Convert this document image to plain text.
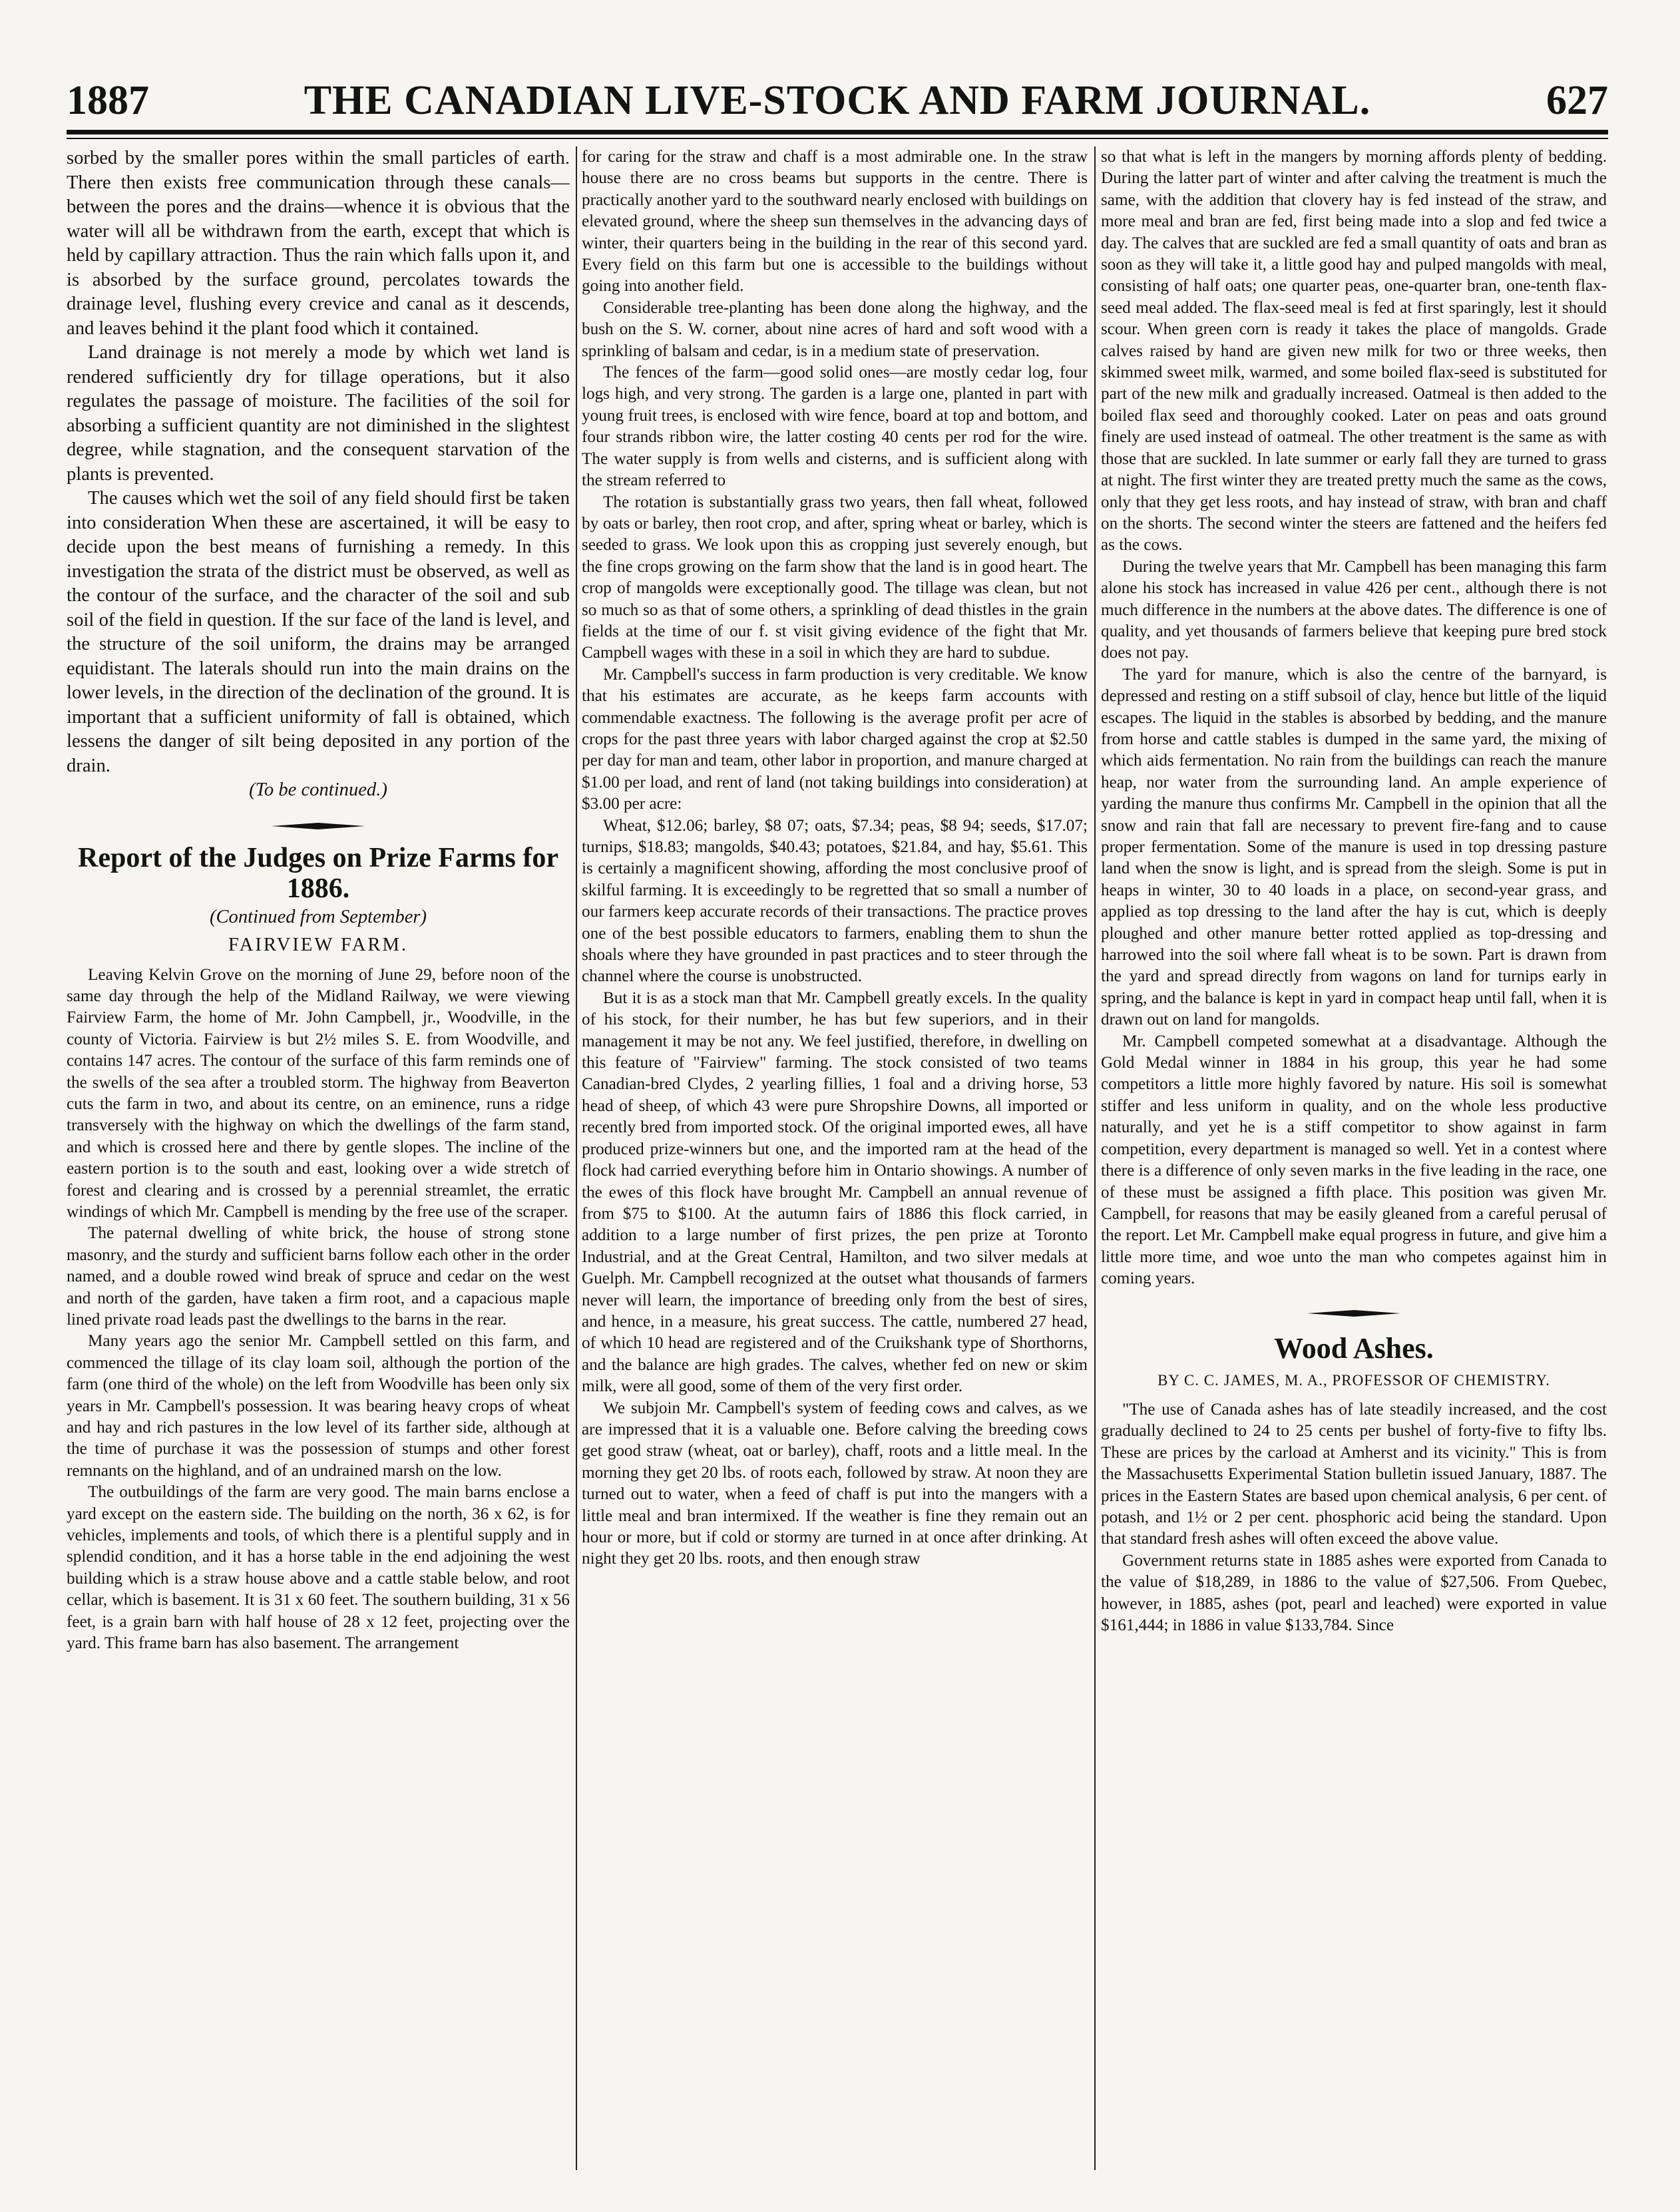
1887	THE CANADIAN LIVE-STOCK AND FARM JOURNAL.	627

sorbed by the smaller pores within the small particles of earth. There then exists free communication through these canals—between the pores and the drains—whence it is obvious that the water will all be withdrawn from the earth, except that which is held by capillary attraction. Thus the rain which falls upon it, and is absorbed by the surface ground, percolates towards the drainage level, flushing every crevice and canal as it descends, and leaves behind it the plant food which it contained.

Land drainage is not merely a mode by which wet land is rendered sufficiently dry for tillage operations, but it also regulates the passage of moisture. The facilities of the soil for absorbing a sufficient quantity are not diminished in the slightest degree, while stagnation, and the consequent starvation of the plants is prevented.

The causes which wet the soil of any field should first be taken into consideration When these are ascertained, it will be easy to decide upon the best means of furnishing a remedy. In this investigation the strata of the district must be observed, as well as the contour of the surface, and the character of the soil and sub soil of the field in question. If the sur face of the land is level, and the structure of the soil uniform, the drains may be arranged equidistant. The laterals should run into the main drains on the lower levels, in the direction of the declination of the ground. It is important that a sufficient uniformity of fall is obtained, which lessens the danger of silt being deposited in any portion of the drain.

(To be continued.)

Report of the Judges on Prize Farms for 1886.

(Continued from September)

FAIRVIEW FARM.

Leaving Kelvin Grove on the morning of June 29, before noon of the same day through the help of the Midland Railway, we were viewing Fairview Farm, the home of Mr. John Campbell, jr., Woodville, in the county of Victoria. Fairview is but 2½ miles S. E. from Woodville, and contains 147 acres. The contour of the surface of this farm reminds one of the swells of the sea after a troubled storm. The highway from Beaverton cuts the farm in two, and about its centre, on an eminence, runs a ridge transversely with the highway on which the dwellings of the farm stand, and which is crossed here and there by gentle slopes. The incline of the eastern portion is to the south and east, looking over a wide stretch of forest and clearing and is crossed by a perennial streamlet, the erratic windings of which Mr. Campbell is mending by the free use of the scraper.

The paternal dwelling of white brick, the house of strong stone masonry, and the sturdy and sufficient barns follow each other in the order named, and a double rowed wind break of spruce and cedar on the west and north of the garden, have taken a firm root, and a capacious maple lined private road leads past the dwellings to the barns in the rear.

Many years ago the senior Mr. Campbell settled on this farm, and commenced the tillage of its clay loam soil, although the portion of the farm (one third of the whole) on the left from Woodville has been only six years in Mr. Campbell's possession. It was bearing heavy crops of wheat and hay and rich pastures in the low level of its farther side, although at the time of purchase it was the possession of stumps and other forest remnants on the highland, and of an undrained marsh on the low.

The outbuildings of the farm are very good. The main barns enclose a yard except on the eastern side. The building on the north, 36 x 62, is for vehicles, implements and tools, of which there is a plentiful supply and in splendid condition, and it has a horse table in the end adjoining the west building which is a straw house above and a cattle stable below, and root cellar, which is basement. It is 31 x 60 feet. The southern building, 31 x 56 feet, is a grain barn with half house of 28 x 12 feet, projecting over the yard. This frame barn has also basement. The arrangement

for caring for the straw and chaff is a most admirable one. In the straw house there are no cross beams but supports in the centre. There is practically another yard to the southward nearly enclosed with buildings on elevated ground, where the sheep sun themselves in the advancing days of winter, their quarters being in the building in the rear of this second yard. Every field on this farm but one is accessible to the buildings without going into another field.

Considerable tree-planting has been done along the highway, and the bush on the S. W. corner, about nine acres of hard and soft wood with a sprinkling of balsam and cedar, is in a medium state of preservation.

The fences of the farm—good solid ones—are mostly cedar log, four logs high, and very strong. The garden is a large one, planted in part with young fruit trees, is enclosed with wire fence, board at top and bottom, and four strands ribbon wire, the latter costing 40 cents per rod for the wire. The water supply is from wells and cisterns, and is sufficient along with the stream referred to

The rotation is substantially grass two years, then fall wheat, followed by oats or barley, then root crop, and after, spring wheat or barley, which is seeded to grass. We look upon this as cropping just severely enough, but the fine crops growing on the farm show that the land is in good heart. The crop of mangolds were exceptionally good. The tillage was clean, but not so much so as that of some others, a sprinkling of dead thistles in the grain fields at the time of our f. st visit giving evidence of the fight that Mr. Campbell wages with these in a soil in which they are hard to subdue.

Mr. Campbell's success in farm production is very creditable. We know that his estimates are accurate, as he keeps farm accounts with commendable exactness. The following is the average profit per acre of crops for the past three years with labor charged against the crop at $2.50 per day for man and team, other labor in proportion, and manure charged at $1.00 per load, and rent of land (not taking buildings into consideration) at $3.00 per acre:

Wheat, $12.06; barley, $8 07; oats, $7.34; peas, $8 94; seeds, $17.07; turnips, $18.83; mangolds, $40.43; potatoes, $21.84, and hay, $5.61. This is certainly a magnificent showing, affording the most conclusive proof of skilful farming. It is exceedingly to be regretted that so small a number of our farmers keep accurate records of their transactions. The practice proves one of the best possible educators to farmers, enabling them to shun the shoals where they have grounded in past practices and to steer through the channel where the course is unobstructed.

But it is as a stock man that Mr. Campbell greatly excels. In the quality of his stock, for their number, he has but few superiors, and in their management it may be not any. We feel justified, therefore, in dwelling on this feature of "Fairview" farming. The stock consisted of two teams Canadian-bred Clydes, 2 yearling fillies, 1 foal and a driving horse, 53 head of sheep, of which 43 were pure Shropshire Downs, all imported or recently bred from imported stock. Of the original imported ewes, all have produced prize-winners but one, and the imported ram at the head of the flock had carried everything before him in Ontario showings. A number of the ewes of this flock have brought Mr. Campbell an annual revenue of from $75 to $100. At the autumn fairs of 1886 this flock carried, in addition to a large number of first prizes, the pen prize at Toronto Industrial, and at the Great Central, Hamilton, and two silver medals at Guelph. Mr. Campbell recognized at the outset what thousands of farmers never will learn, the importance of breeding only from the best of sires, and hence, in a measure, his great success. The cattle, numbered 27 head, of which 10 head are registered and of the Cruikshank type of Shorthorns, and the balance are high grades. The calves, whether fed on new or skim milk, were all good, some of them of the very first order.

We subjoin Mr. Campbell's system of feeding cows and calves, as we are impressed that it is a valuable one. Before calving the breeding cows get good straw (wheat, oat or barley), chaff, roots and a little meal. In the morning they get 20 lbs. of roots each, followed by straw. At noon they are turned out to water, when a feed of chaff is put into the mangers with a little meal and bran intermixed. If the weather is fine they remain out an hour or more, but if cold or stormy are turned in at once after drinking. At night they get 20 lbs. roots, and then enough straw

so that what is left in the mangers by morning affords plenty of bedding. During the latter part of winter and after calving the treatment is much the same, with the addition that clovery hay is fed instead of the straw, and more meal and bran are fed, first being made into a slop and fed twice a day. The calves that are suckled are fed a small quantity of oats and bran as soon as they will take it, a little good hay and pulped mangolds with meal, consisting of half oats; one quarter peas, one-quarter bran, one-tenth flax-seed meal added. The flax-seed meal is fed at first sparingly, lest it should scour. When green corn is ready it takes the place of mangolds. Grade calves raised by hand are given new milk for two or three weeks, then skimmed sweet milk, warmed, and some boiled flax-seed is substituted for part of the new milk and gradually increased. Oatmeal is then added to the boiled flax seed and thoroughly cooked. Later on peas and oats ground finely are used instead of oatmeal. The other treatment is the same as with those that are suckled. In late summer or early fall they are turned to grass at night. The first winter they are treated pretty much the same as the cows, only that they get less roots, and hay instead of straw, with bran and chaff on the shorts. The second winter the steers are fattened and the heifers fed as the cows.

During the twelve years that Mr. Campbell has been managing this farm alone his stock has increased in value 426 per cent., although there is not much difference in the numbers at the above dates. The difference is one of quality, and yet thousands of farmers believe that keeping pure bred stock does not pay.

The yard for manure, which is also the centre of the barnyard, is depressed and resting on a stiff subsoil of clay, hence but little of the liquid escapes. The liquid in the stables is absorbed by bedding, and the manure from horse and cattle stables is dumped in the same yard, the mixing of which aids fermentation. No rain from the buildings can reach the manure heap, nor water from the surrounding land. An ample experience of yarding the manure thus confirms Mr. Campbell in the opinion that all the snow and rain that fall are necessary to prevent fire-fang and to cause proper fermentation. Some of the manure is used in top dressing pasture land when the snow is light, and is spread from the sleigh. Some is put in heaps in winter, 30 to 40 loads in a place, on second-year grass, and applied as top dressing to the land after the hay is cut, which is deeply ploughed and other manure better rotted applied as top-dressing and harrowed into the soil where fall wheat is to be sown. Part is drawn from the yard and spread directly from wagons on land for turnips early in spring, and the balance is kept in yard in compact heap until fall, when it is drawn out on land for mangolds.

Mr. Campbell competed somewhat at a disadvantage. Although the Gold Medal winner in 1884 in his group, this year he had some competitors a little more highly favored by nature. His soil is somewhat stiffer and less uniform in quality, and on the whole less productive naturally, and yet he is a stiff competitor to show against in farm competition, every department is managed so well. Yet in a contest where there is a difference of only seven marks in the five leading in the race, one of these must be assigned a fifth place. This position was given Mr. Campbell, for reasons that may be easily gleaned from a careful perusal of the report. Let Mr. Campbell make equal progress in future, and give him a little more time, and woe unto the man who competes against him in coming years.

Wood Ashes.

BY C. C. JAMES, M. A., PROFESSOR OF CHEMISTRY.

"The use of Canada ashes has of late steadily increased, and the cost gradually declined to 24 to 25 cents per bushel of forty-five to fifty lbs. These are prices by the carload at Amherst and its vicinity." This is from the Massachusetts Experimental Station bulletin issued January, 1887. The prices in the Eastern States are based upon chemical analysis, 6 per cent. of potash, and 1½ or 2 per cent. phosphoric acid being the standard. Upon that standard fresh ashes will often exceed the above value.

Government returns state in 1885 ashes were exported from Canada to the value of $18,289, in 1886 to the value of $27,506. From Quebec, however, in 1885, ashes (pot, pearl and leached) were exported in value $161,444; in 1886 in value $133,784. Since
